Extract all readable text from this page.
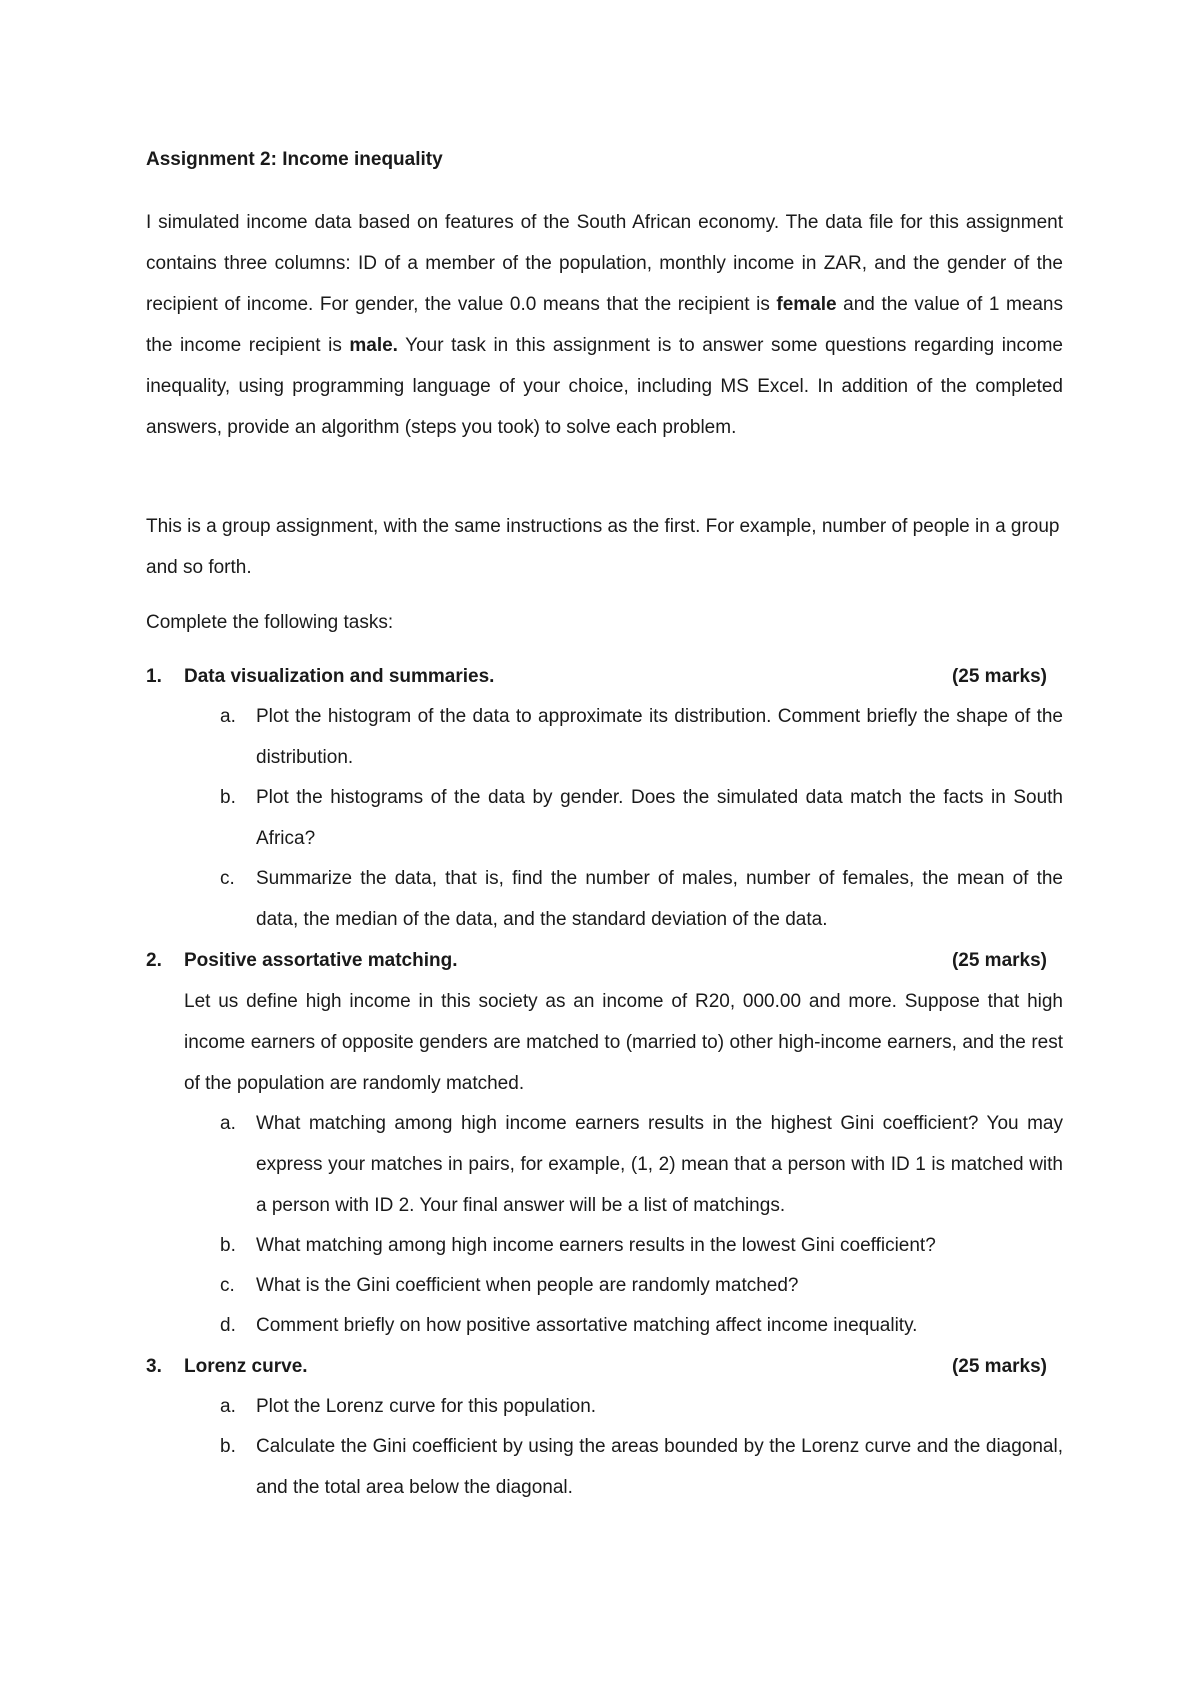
Assignment 2: Income inequality

I simulated income data based on features of the South African economy. The data file for this assignment contains three columns: ID of a member of the population, monthly income in ZAR, and the gender of the recipient of income. For gender, the value 0.0 means that the recipient is female and the value of 1 means the income recipient is male. Your task in this assignment is to answer some questions regarding income inequality, using programming language of your choice, including MS Excel. In addition of the completed answers, provide an algorithm (steps you took) to solve each problem.

This is a group assignment, with the same instructions as the first. For example, number of people in a group and so forth.

Complete the following tasks:

1. Data visualization and summaries.	(25 marks)
a. Plot the histogram of the data to approximate its distribution. Comment briefly the shape of the distribution.
b. Plot the histograms of the data by gender. Does the simulated data match the facts in South Africa?
c. Summarize the data, that is, find the number of males, number of females, the mean of the data, the median of the data, and the standard deviation of the data.
2. Positive assortative matching.	(25 marks)
Let us define high income in this society as an income of R20, 000.00 and more. Suppose that high income earners of opposite genders are matched to (married to) other high-income earners, and the rest of the population are randomly matched.
a. What matching among high income earners results in the highest Gini coefficient? You may express your matches in pairs, for example, (1, 2) mean that a person with ID 1 is matched with a person with ID 2. Your final answer will be a list of matchings.
b. What matching among high income earners results in the lowest Gini coefficient?
c. What is the Gini coefficient when people are randomly matched?
d. Comment briefly on how positive assortative matching affect income inequality.
3. Lorenz curve.	(25 marks)
a. Plot the Lorenz curve for this population.
b. Calculate the Gini coefficient by using the areas bounded by the Lorenz curve and the diagonal, and the total area below the diagonal.
